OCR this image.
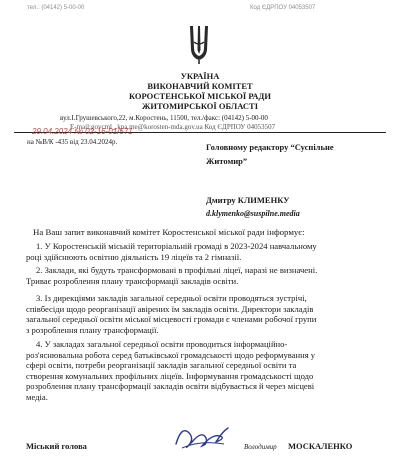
тел.: (04142) 5-00-00	Код ЄДРПОУ 04053507
УКРАЇНА
ВИКОНАВЧИЙ КОМІТЕТ
КОРОСТЕНСЬКОЇ МІСЬКОЇ РАДИ
ЖИТОМИРСЬКОЇ ОБЛАСТІ
вул.І.Грушевського,22, м.Коростень, 11500, тел./факс: (04142) 5-00-00
E-mail:govcml_.kpa me@korosten-mda.gov.ua Код ЄДРПОУ 04053507
29.04.2024 № 02-16-01/571
на №В/К -435 від 23.04.2024р.	Головному редактору “Суспільне
Житомир”
Дмитру КЛИМЕНКУ
d.klymenko@suspilne.media
На Ваш запит виконавчий комітет Коростенської міської ради інформує:
1. У Коростенській міській територіальній громаді в 2023-2024 навчальному
році здійснюють освітню діяльність 19 ліцеїв та 2 гімназії.
2. Заклади, які будуть трансформовані в профільні ліцеї, наразі не визначені.
Триває розроблення плану трансформації закладів освіти.
3. Із дирекціями закладів загальної середньої освіти проводяться зустрічі,
співбесіди щодо реорганізації авірених їм закладів освіти. Директори закладів
загальної середньої освіти міської місцевості громади є членами робочої групи
з розроблення плану трансформації.
4. У закладах загальної середньої освіти проводиться інформаційно-
роз'яснювальна робота серед батьківської громадськості щодо реформування у
сфері освіти, потреби реорганізації закладів загальної середньої освіти та
створення комунальних профільних ліцеїв. Інформування громадськості щодо
розроблення плану трансформації закладів освіти відбувається й через місцеві
медіа.
Міський голова	Володимир МОСКАЛЕНКО
